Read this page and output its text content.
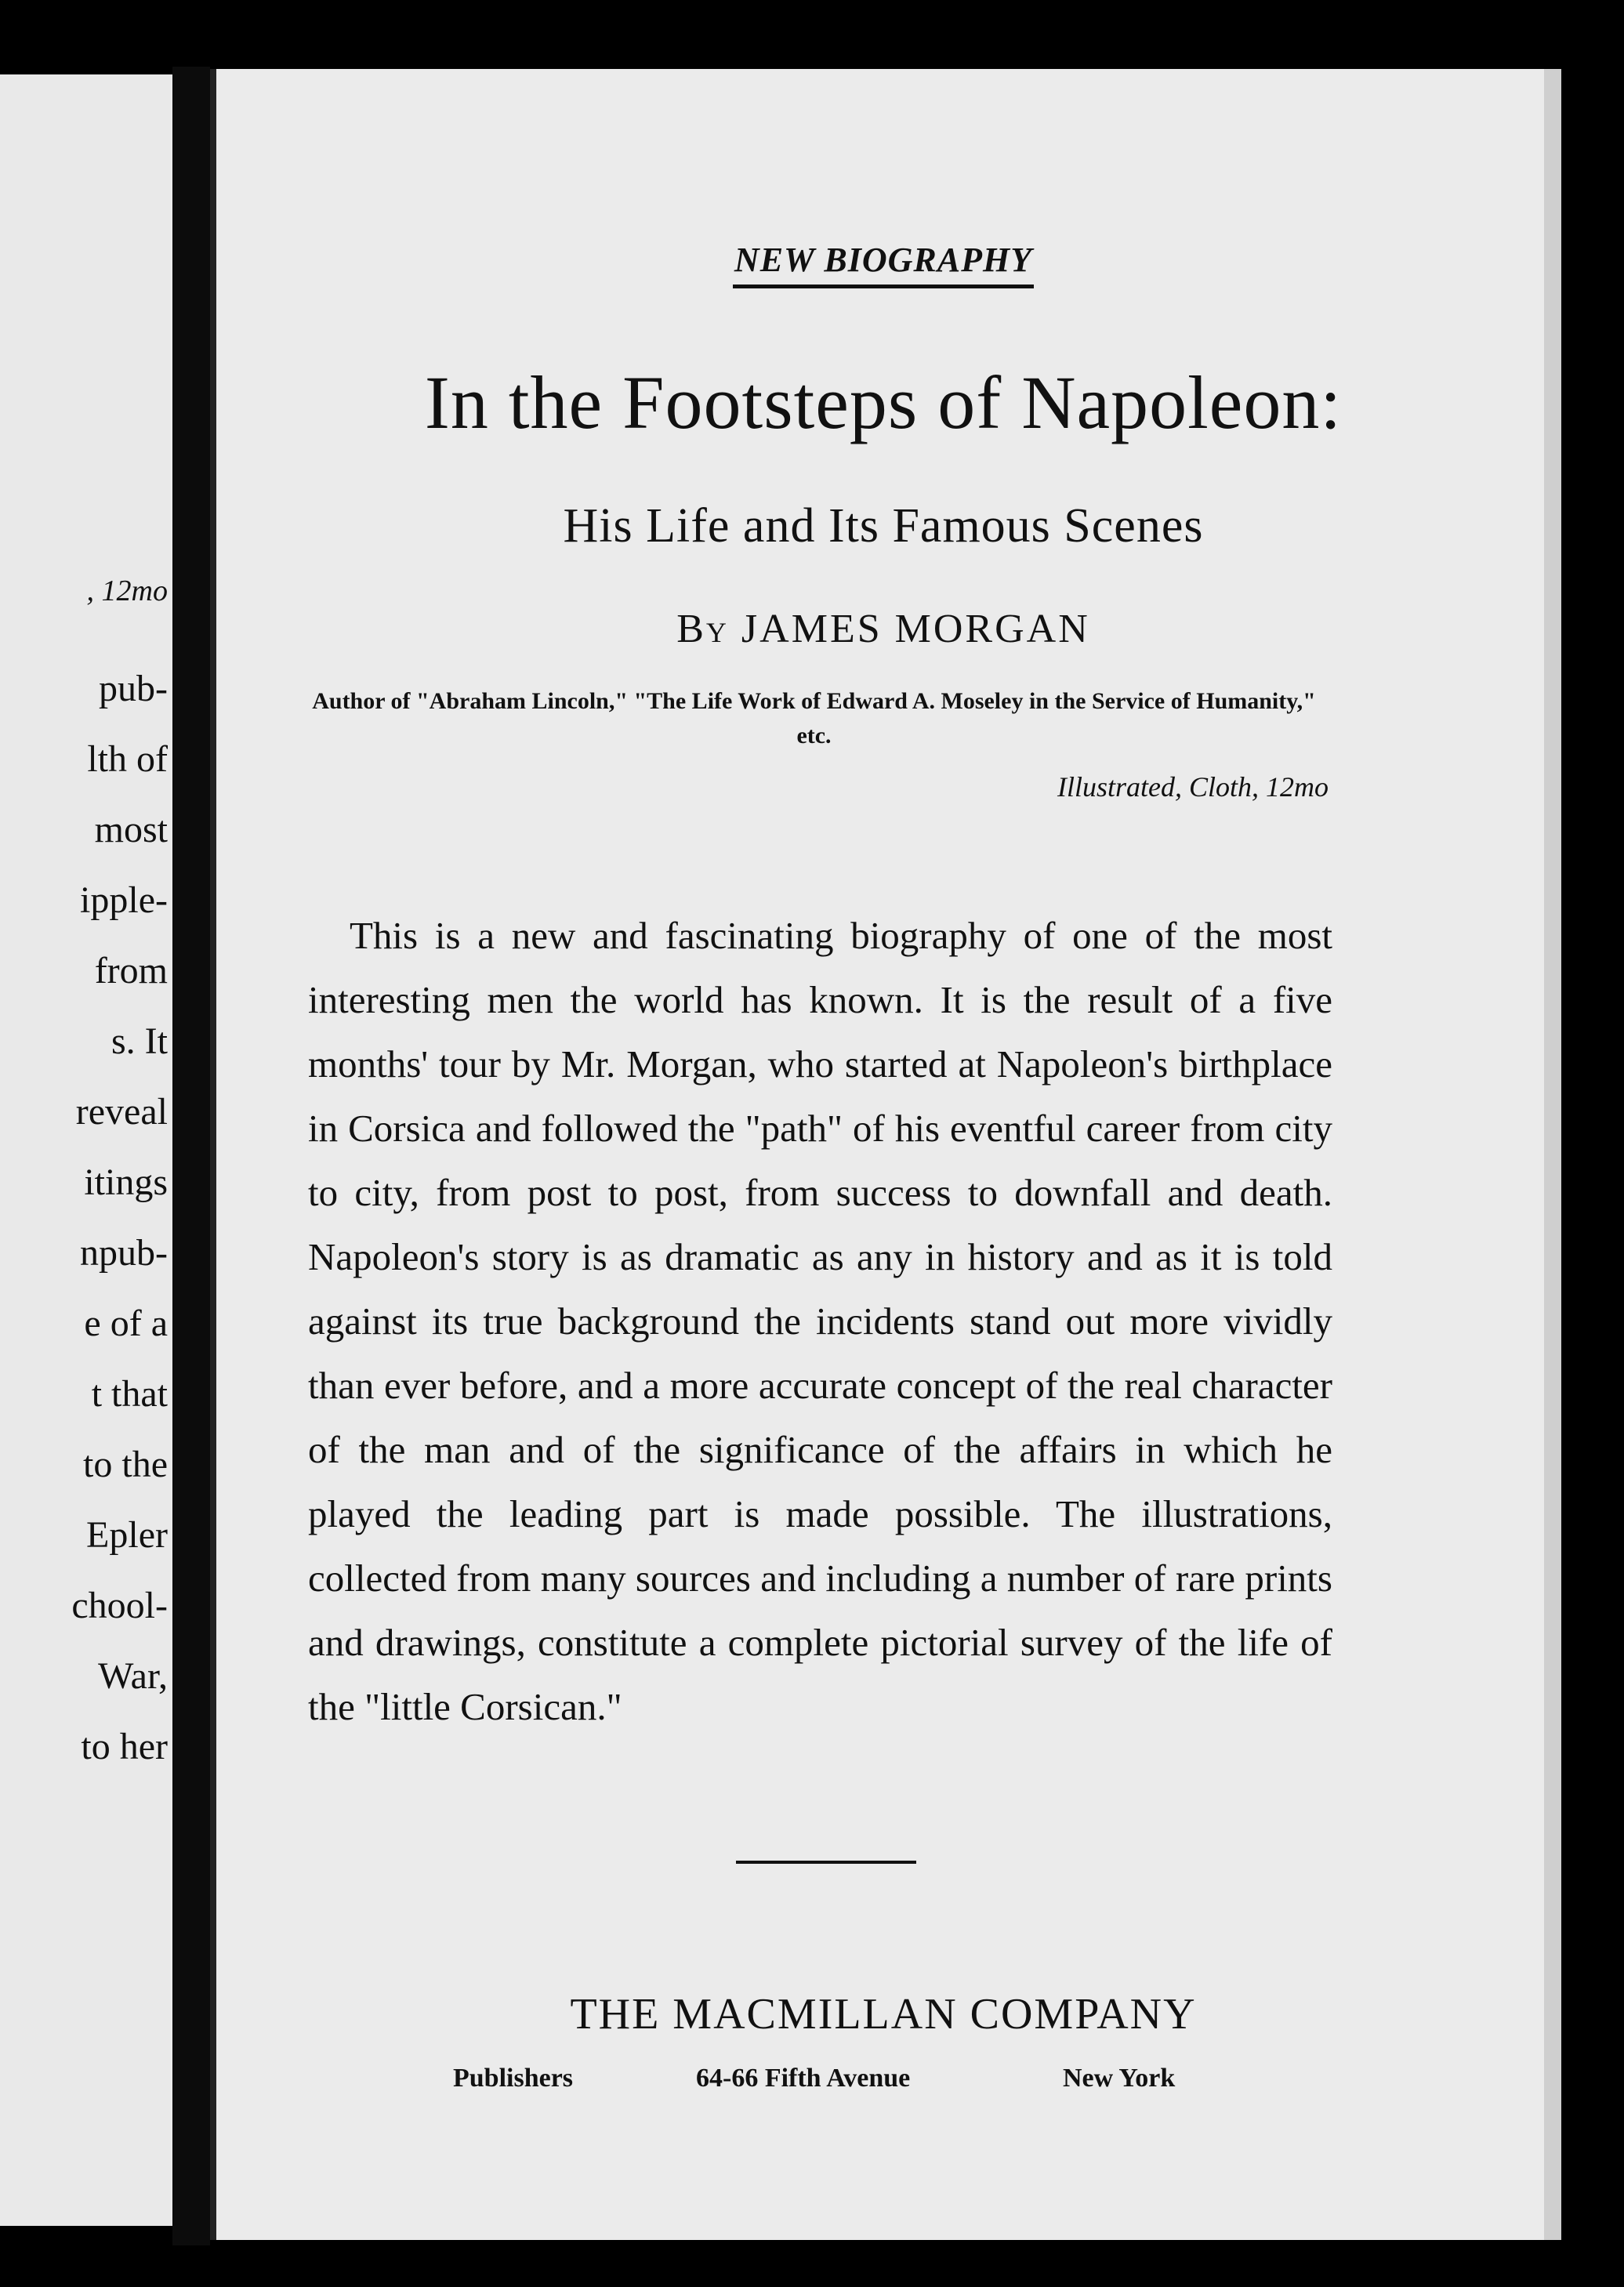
, 12mo
pub-
lth of
most
ipple-
from
s. It
reveal
itings
npub-
e of a
t that
to the
Epler
chool-
War,
to her
NEW BIOGRAPHY
In the Footsteps of Napoleon:
His Life and Its Famous Scenes
By JAMES MORGAN
Author of "Abraham Lincoln," "The Life Work of Edward A. Moseley in the Service of Humanity," etc.
Illustrated, Cloth, 12mo

This is a new and fascinating biography of one of the most interesting men the world has known. It is the result of a five months' tour by Mr. Morgan, who started at Napoleon's birthplace in Corsica and followed the "path" of his eventful career from city to city, from post to post, from success to downfall and death. Napoleon's story is as dramatic as any in history and as it is told against its true background the incidents stand out more vividly than ever before, and a more accurate concept of the real character of the man and of the significance of the affairs in which he played the leading part is made possible. The illustrations, collected from many sources and including a number of rare prints and drawings, constitute a complete pictorial survey of the life of the "little Corsican."

THE MACMILLAN COMPANY
Publishers	64-66 Fifth Avenue	New York
